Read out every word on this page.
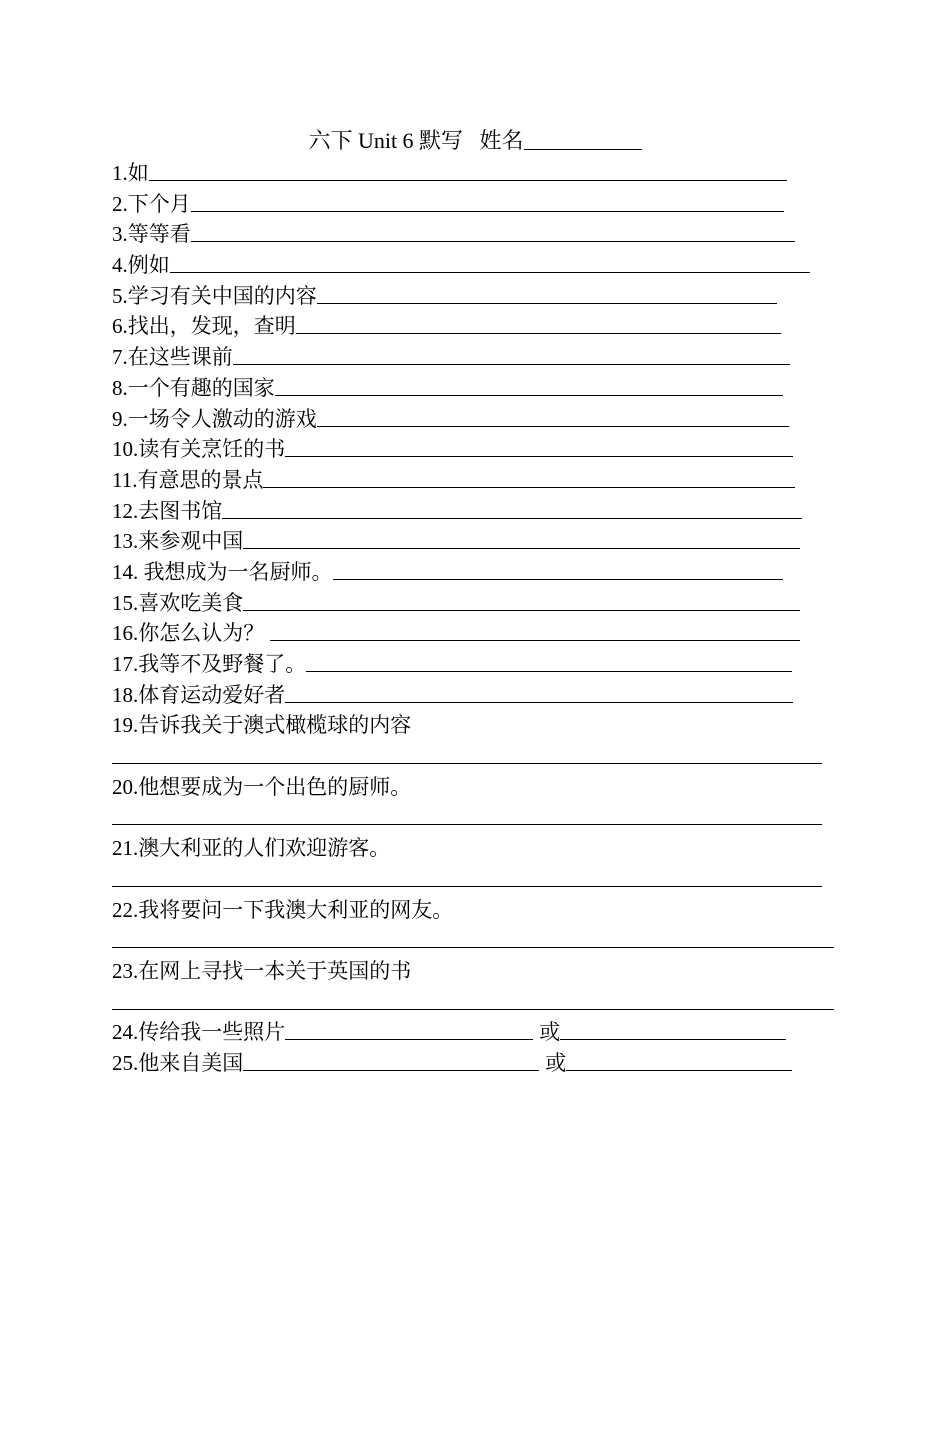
六下 Unit 6 默写   姓名
1.如
2.下个月
3.等等看
4.例如
5.学习有关中国的内容
6.找出，发现，查明
7.在这些课前
8.一个有趣的国家
9.一场令人激动的游戏
10.读有关烹饪的书
11.有意思的景点
12.去图书馆
13.来参观中国
14. 我想成为一名厨师。
15.喜欢吃美食
16.你怎么认为？
17.我等不及野餐了。
18.体育运动爱好者
19.告诉我关于澳式橄榄球的内容
20.他想要成为一个出色的厨师。
21.澳大利亚的人们欢迎游客。
22.我将要问一下我澳大利亚的网友。
23.在网上寻找一本关于英国的书
24.传给我一些照片	或
25.他来自美国	或
